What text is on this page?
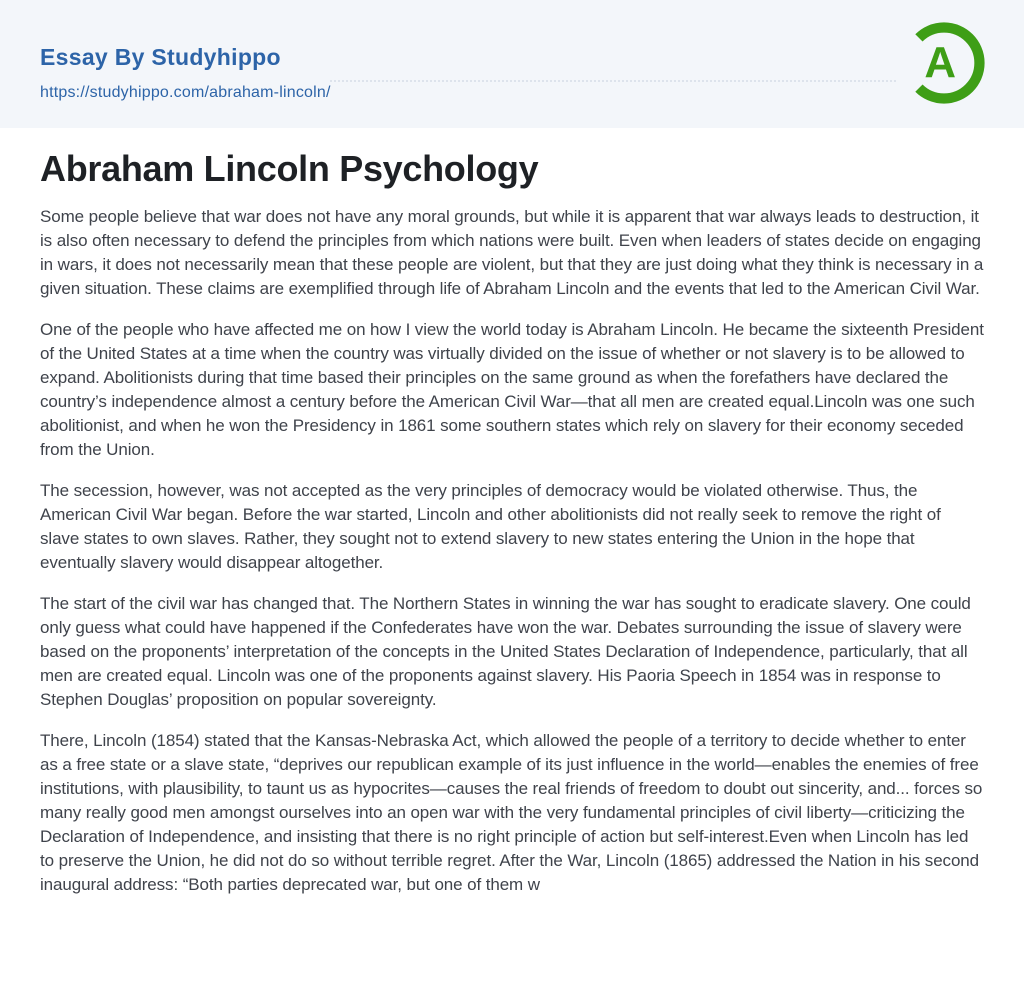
Essay By Studyhippo
https://studyhippo.com/abraham-lincoln/
A
Abraham Lincoln Psychology

Some people believe that war does not have any moral grounds, but while it is apparent that war always leads to destruction, it is also often necessary to defend the principles from which nations were built. Even when leaders of states decide on engaging in wars, it does not necessarily mean that these people are violent, but that they are just doing what they think is necessary in a given situation. These claims are exemplified through life of Abraham Lincoln and the events that led to the American Civil War.

One of the people who have affected me on how I view the world today is Abraham Lincoln. He became the sixteenth President of the United States at a time when the country was virtually divided on the issue of whether or not slavery is to be allowed to expand. Abolitionists during that time based their principles on the same ground as when the forefathers have declared the country’s independence almost a century before the American Civil War—that all men are created equal.Lincoln was one such abolitionist, and when he won the Presidency in 1861 some southern states which rely on slavery for their economy seceded from the Union.

The secession, however, was not accepted as the very principles of democracy would be violated otherwise. Thus, the American Civil War began. Before the war started, Lincoln and other abolitionists did not really seek to remove the right of slave states to own slaves. Rather, they sought not to extend slavery to new states entering the Union in the hope that eventually slavery would disappear altogether.

The start of the civil war has changed that. The Northern States in winning the war has sought to eradicate slavery. One could only guess what could have happened if the Confederates have won the war. Debates surrounding the issue of slavery were based on the proponents’ interpretation of the concepts in the United States Declaration of Independence, particularly, that all men are created equal. Lincoln was one of the proponents against slavery. His Paoria Speech in 1854 was in response to Stephen Douglas’ proposition on popular sovereignty.

There, Lincoln (1854) stated that the Kansas-Nebraska Act, which allowed the people of a territory to decide whether to enter as a free state or a slave state, “deprives our republican example of its just influence in the world—enables the enemies of free institutions, with plausibility, to taunt us as hypocrites—causes the real friends of freedom to doubt out sincerity, and... forces so many really good men amongst ourselves into an open war with the very fundamental principles of civil liberty—criticizing the Declaration of Independence, and insisting that there is no right principle of action but self-interest.Even when Lincoln has led to preserve the Union, he did not do so without terrible regret. After the War, Lincoln (1865) addressed the Nation in his second inaugural address: “Both parties deprecated war, but one of them w
